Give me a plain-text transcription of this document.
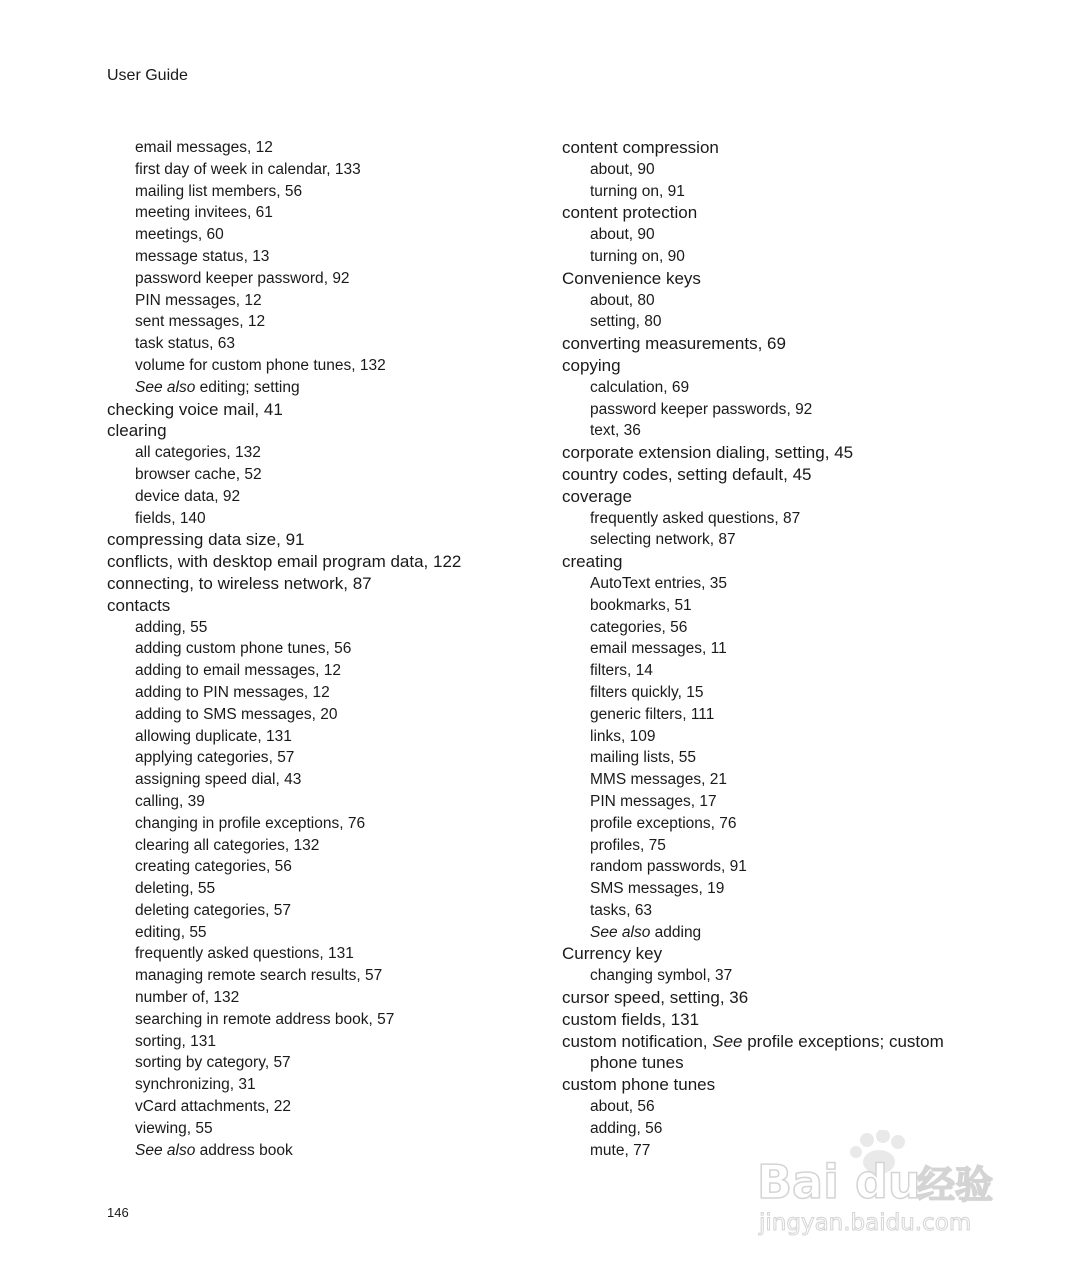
User Guide
email messages , 12
first day of week in calendar , 133
mailing list members , 56
meeting invitees , 61
meetings , 60
message status , 13
password keeper password , 92
PIN messages , 12
sent messages , 12
task status , 63
volume for custom phone tunes , 132
See also editing; setting
checking voice mail , 41
clearing
all categories , 132
browser cache , 52
device data , 92
fields , 140
compressing data size , 91
conflicts, with desktop email program data , 122
connecting, to wireless network , 87
contacts
adding , 55
adding custom phone tunes , 56
adding to email messages , 12
adding to PIN messages , 12
adding to SMS messages , 20
allowing duplicate , 131
applying categories , 57
assigning speed dial , 43
calling , 39
changing in profile exceptions , 76
clearing all categories , 132
creating categories , 56
deleting , 55
deleting categories , 57
editing , 55
frequently asked questions , 131
managing remote search results , 57
number of , 132
searching in remote address book , 57
sorting , 131
sorting by category , 57
synchronizing , 31
vCard attachments , 22
viewing , 55
See also address book
content compression
about , 90
turning on , 91
content protection
about , 90
turning on , 90
Convenience keys
about , 80
setting , 80
converting measurements , 69
copying
calculation , 69
password keeper passwords , 92
text , 36
corporate extension dialing, setting , 45
country codes, setting default , 45
coverage
frequently asked questions , 87
selecting network , 87
creating
AutoText entries , 35
bookmarks , 51
categories , 56
email messages , 11
filters , 14
filters quickly , 15
generic filters , 111
links , 109
mailing lists , 55
MMS messages , 21
PIN messages , 17
profile exceptions , 76
profiles , 75
random passwords , 91
SMS messages , 19
tasks , 63
See also adding
Currency key
changing symbol , 37
cursor speed, setting , 36
custom fields , 131
custom notification, See profile exceptions; custom
phone tunes
custom phone tunes
about , 56
adding , 56
mute , 77
146
Bai du
经验
jingyan.baidu.com
